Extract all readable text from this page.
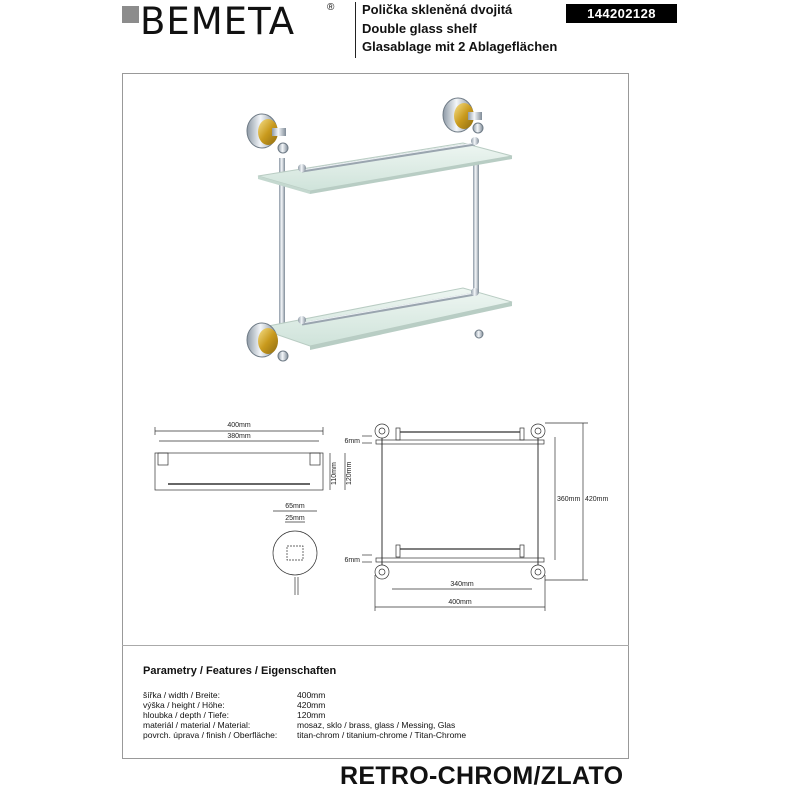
BEMETA	® Polička skleněná dvojitá
Double glass shelf
Glasablage mit 2 Ablageflächen
144202128
400mm
380mm
110mm 120mm
65mm
25mm
6mm
6mm
360mm 420mm
340mm
400mm
Parametry / Features / Eigenschaften
šířka / width / Breite:	400mm
výška / height / Höhe:	420mm
hloubka / depth / Tiefe:	120mm
materiál / material / Material:	mosaz, sklo / brass, glass / Messing, Glas
povrch. úprava / finish / Oberfläche: titan-chrom / titanium-chrome / Titan-Chrome
RETRO-CHROM/ZLATO
